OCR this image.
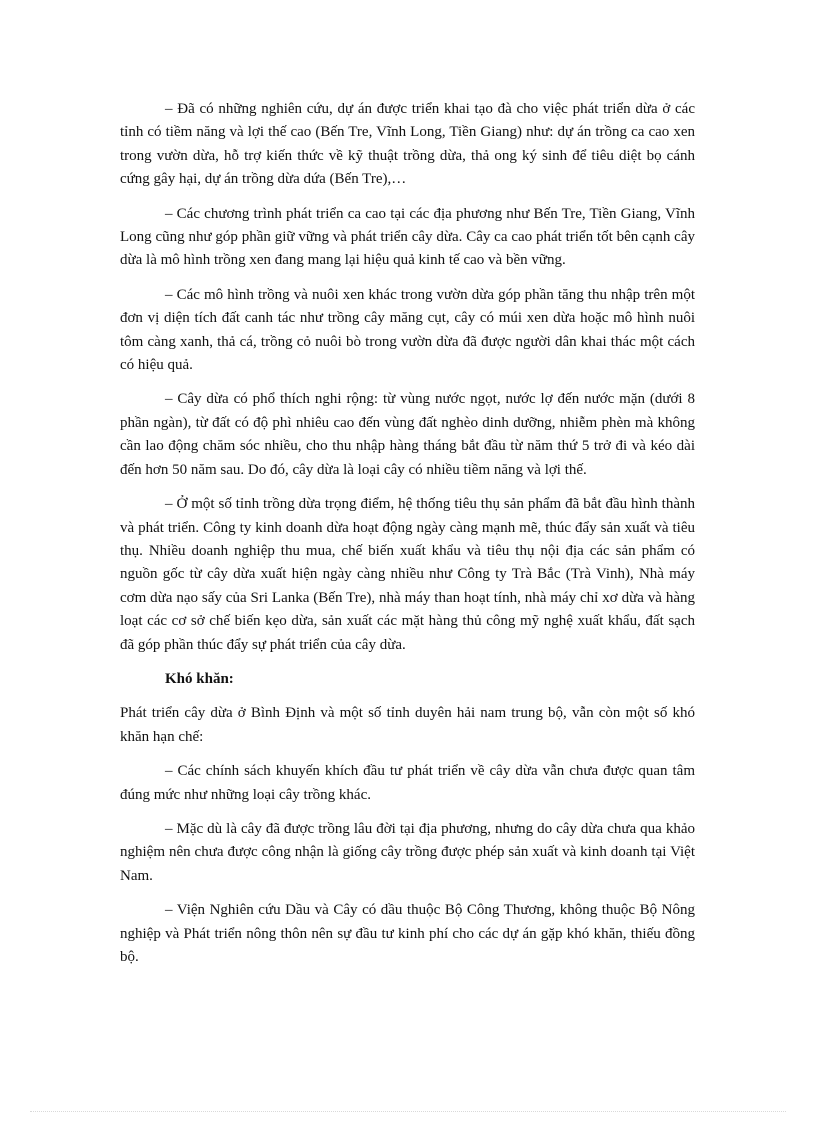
– Đã có những nghiên cứu, dự án được triển khai tạo đà cho việc phát triển dừa ở các tỉnh có tiềm năng và lợi thế cao (Bến Tre, Vĩnh Long, Tiền Giang) như: dự án trồng ca cao xen trong vườn dừa, hỗ trợ kiến thức về kỹ thuật trồng dừa, thả ong ký sinh để tiêu diệt bọ cánh cứng gây hại, dự án trồng dừa dứa (Bến Tre),…

– Các chương trình phát triển ca cao tại các địa phương như Bến Tre, Tiền Giang, Vĩnh Long cũng như góp phần giữ vững và phát triển cây dừa. Cây ca cao phát triển tốt bên cạnh cây dừa là mô hình trồng xen đang mang lại hiệu quả kinh tế cao và bền vững.

– Các mô hình trồng và nuôi xen khác trong vườn dừa góp phần tăng thu nhập trên một đơn vị diện tích đất canh tác như trồng cây măng cụt, cây có múi xen dừa hoặc mô hình nuôi tôm càng xanh, thả cá, trồng cỏ nuôi bò trong vườn dừa đã được người dân khai thác một cách có hiệu quả.

– Cây dừa có phổ thích nghi rộng: từ vùng nước ngọt, nước lợ đến nước mặn (dưới 8 phần ngàn), từ đất có độ phì nhiêu cao đến vùng đất nghèo dinh dưỡng, nhiễm phèn mà không cần lao động chăm sóc nhiều, cho thu nhập hàng tháng bắt đầu từ năm thứ 5 trở đi và kéo dài đến hơn 50 năm sau. Do đó, cây dừa là loại cây có nhiều tiềm năng và lợi thế.

– Ở một số tỉnh trồng dừa trọng điểm, hệ thống tiêu thụ sản phẩm đã bắt đầu hình thành và phát triển. Công ty kinh doanh dừa hoạt động ngày càng mạnh mẽ, thúc đẩy sản xuất và tiêu thụ. Nhiều doanh nghiệp thu mua, chế biến xuất khẩu và tiêu thụ nội địa các sản phẩm có nguồn gốc từ cây dừa xuất hiện ngày càng nhiều như Công ty Trà Bắc (Trà Vinh), Nhà máy cơm dừa nạo sấy của Sri Lanka (Bến Tre), nhà máy than hoạt tính, nhà máy chỉ xơ dừa và hàng loạt các cơ sở chế biến kẹo dừa, sản xuất các mặt hàng thủ công mỹ nghệ xuất khẩu, đất sạch đã góp phần thúc đẩy sự phát triển của cây dừa.

Khó khăn:

Phát triển cây dừa ở Bình Định và một số tỉnh duyên hải nam trung bộ, vẫn còn một số khó khăn hạn chế:

– Các chính sách khuyến khích đầu tư phát triển về cây dừa vẫn chưa được quan tâm đúng mức như những loại cây trồng khác.

– Mặc dù là cây đã được trồng lâu đời tại địa phương, nhưng do cây dừa chưa qua khảo nghiệm nên chưa được công nhận là giống cây trồng được phép sản xuất và kinh doanh tại Việt Nam.

– Viện Nghiên cứu Dầu và Cây có dầu thuộc Bộ Công Thương, không thuộc Bộ Nông nghiệp và Phát triển nông thôn nên sự đầu tư kinh phí cho các dự án gặp khó khăn, thiếu đồng bộ.
